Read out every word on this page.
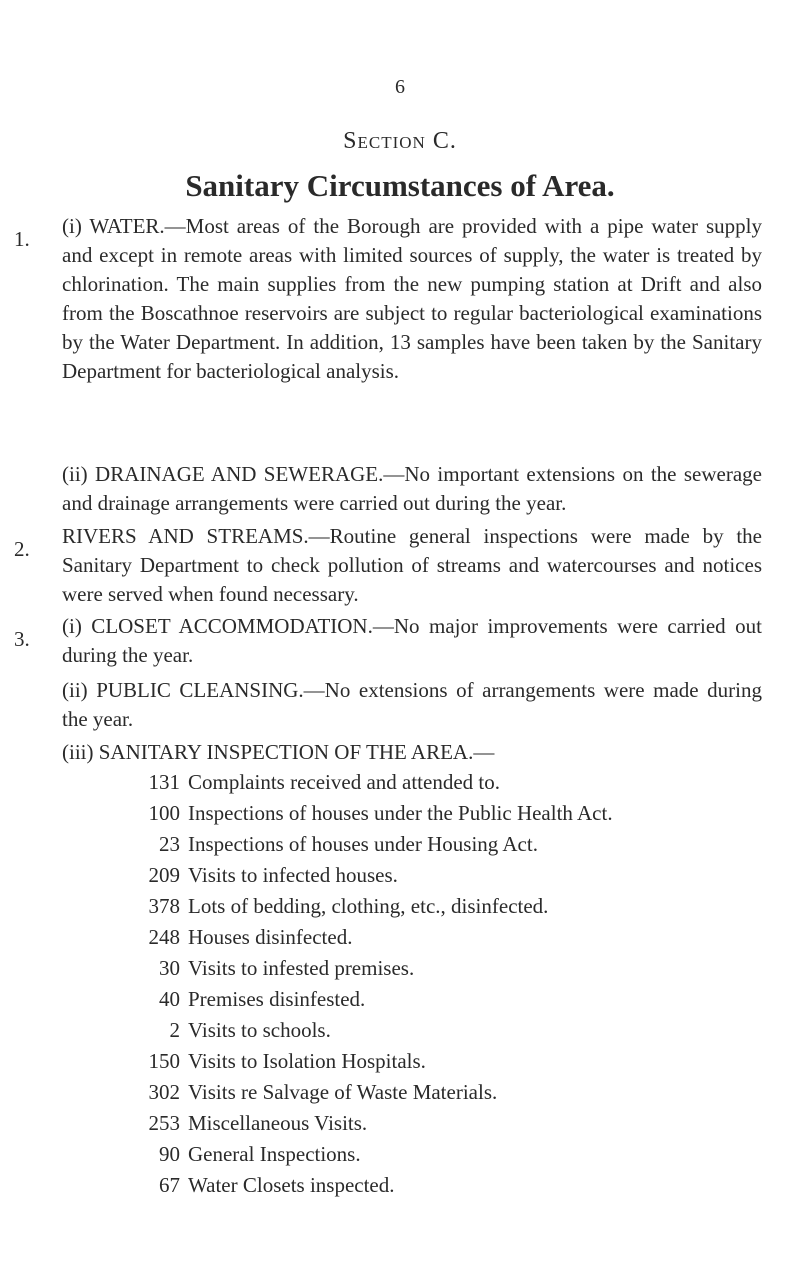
6
Section C.
Sanitary Circumstances of Area.
1.

(i) WATER.—Most areas of the Borough are provided with a pipe water supply and except in remote areas with limited sources of supply, the water is treated by chlorination. The main supplies from the new pumping station at Drift and also from the Boscathnoe reservoirs are subject to regular bacteriological examinations by the Water Department. In addition, 13 samples have been taken by the Sanitary Department for bacteriological analysis.

(ii) DRAINAGE AND SEWERAGE.—No important extensions on the sewerage and drainage arrangements were carried out during the year.

2.

RIVERS AND STREAMS.—Routine general inspections were made by the Sanitary Department to check pollution of streams and watercourses and notices were served when found necessary.

3.

(i) CLOSET ACCOMMODATION.—No major improvements were carried out during the year.

(ii) PUBLIC CLEANSING.—No extensions of arrangements were made during the year.

(iii) SANITARY INSPECTION OF THE AREA.—

131 Complaints received and attended to.
100 Inspections of houses under the Public Health Act.
23 Inspections of houses under Housing Act.
209 Visits to infected houses.
378 Lots of bedding, clothing, etc., disinfected.
248 Houses disinfected.
30 Visits to infested premises.
40 Premises disinfested.
2 Visits to schools.
150 Visits to Isolation Hospitals.
302 Visits re Salvage of Waste Materials.
253 Miscellaneous Visits.
90 General Inspections.
67 Water Closets inspected.
